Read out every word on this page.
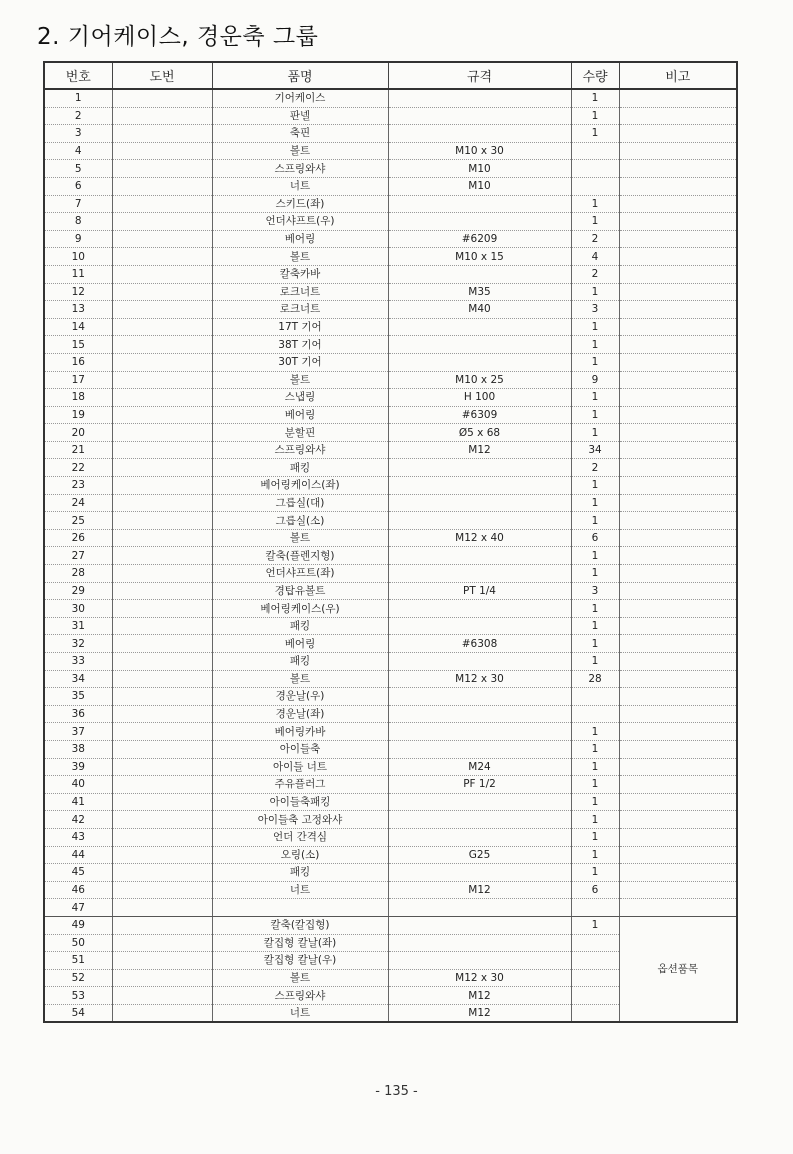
2. 기어케이스, 경운축 그룹
번호	도번	품명	규격	수량	비고
1		기어케이스		1	
2		판넬		1	
3		축핀		1	
4		볼트	M10 x 30		
5		스프링와샤	M10		
6		너트	M10		
7		스키드(좌)		1	
8		언더샤프트(우)		1	
9		베어링	#6209	2	
10		볼트	M10 x 15	4	
11		칼축카바		2	
12		로크너트	M35	1	
13		로크너트	M40	3	
14		17T 기어		1	
15		38T 기어		1	
16		30T 기어		1	
17		볼트	M10 x 25	9	
18		스냅링	H 100	1	
19		베어링	#6309	1	
20		분할핀	Ø5 x 68	1	
21		스프링와샤	M12	34	
22		패킹		2	
23		베어링케이스(좌)		1	
24		그릅실(대)		1	
25		그릅실(소)		1	
26		볼트	M12 x 40	6	
27		칼축(플렌지형)		1	
28		언더샤프트(좌)		1	
29		경탑유볼트	PT 1/4	3	
30		베어링케이스(우)		1	
31		패킹		1	
32		베어링	#6308	1	
33		패킹		1	
34		볼트	M12 x 30	28	
35		경운날(우)			
36		경운날(좌)			
37		베어링카바		1	
38		아이들축		1	
39		아이들 너트	M24	1	
40		주유플러그	PF 1/2	1	
41		아이들축패킹		1	
42		아이들축 고정와샤		1	
43		언더 간격심		1	
44		오링(소)	G25	1	
45		패킹		1	
46		너트	M12	6	
47					
49		칼축(칼집형)		1	옵션품목
50		칼집형 칼날(좌)			
51		칼집형 칼날(우)			
52		볼트	M12 x 30		
53		스프링와샤	M12		
54		너트	M12		

- 135 -
